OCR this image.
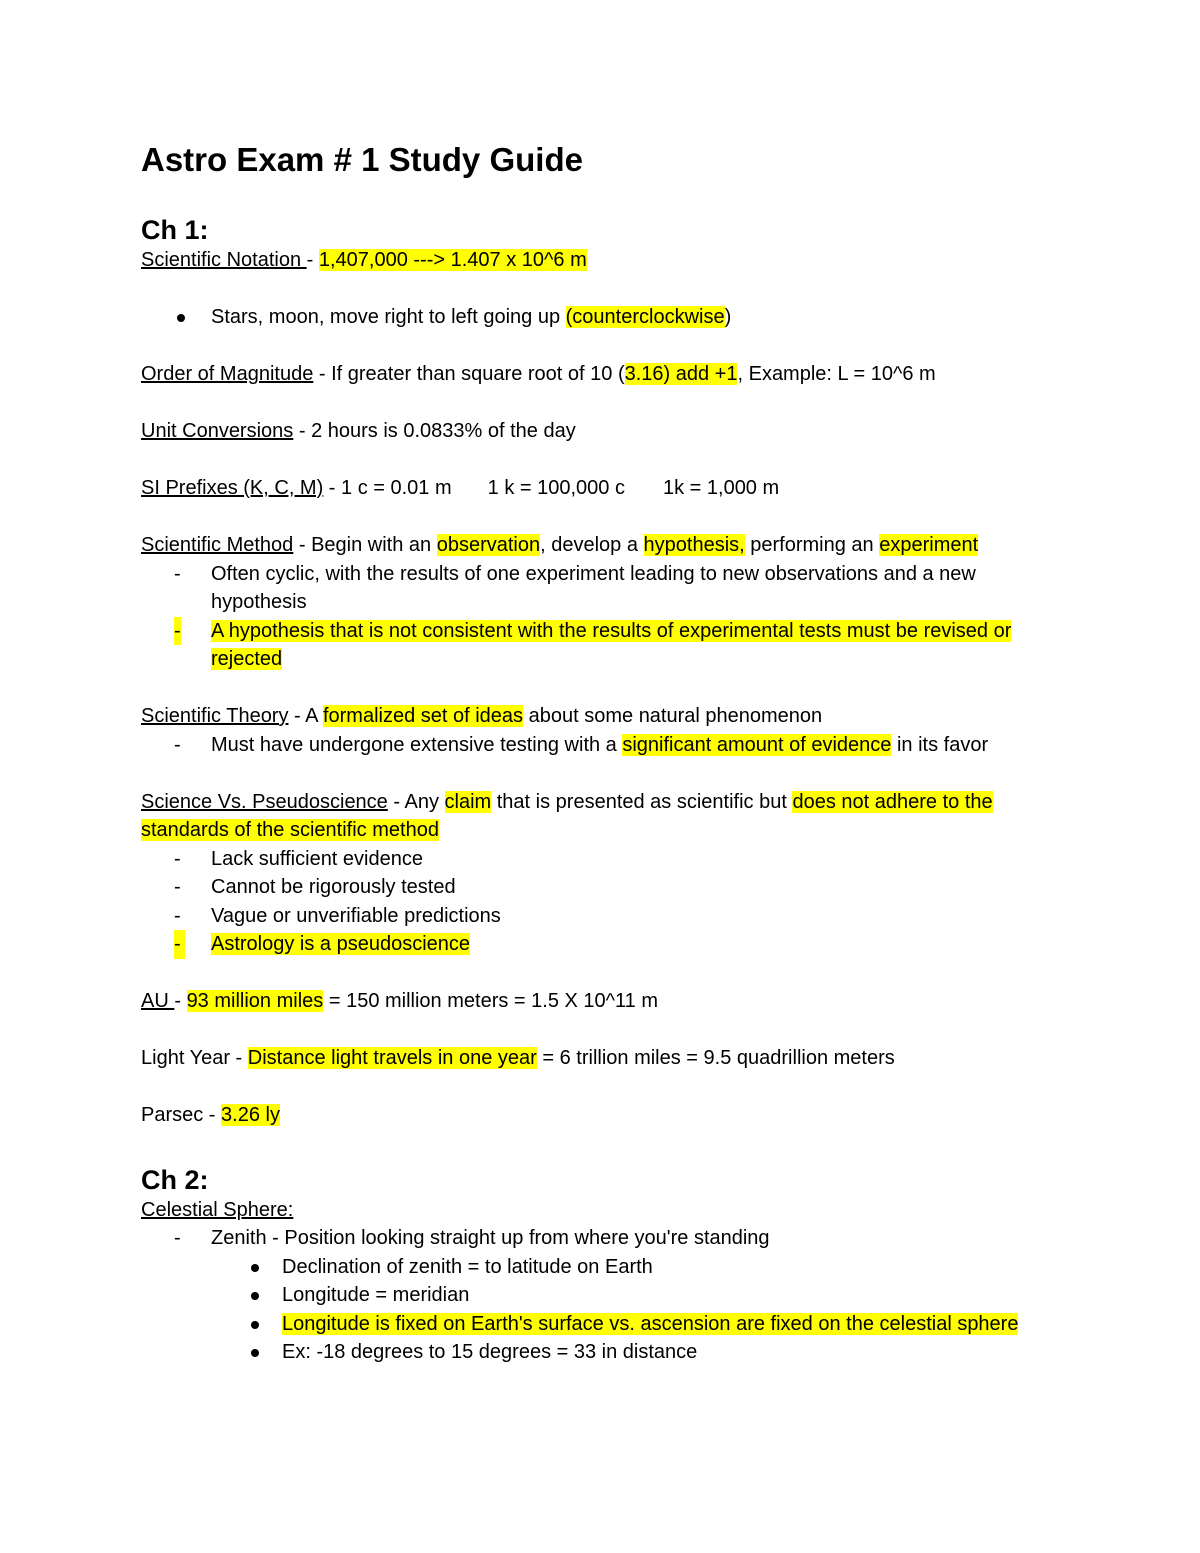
Astro Exam # 1 Study Guide
Ch 1:

Scientific Notation - 1,407,000 ---> 1.407 x 10^6 m

Stars, moon, move right to left going up (counterclockwise)

Order of Magnitude - If greater than square root of 10 (3.16) add +1, Example: L = 10^6 m

Unit Conversions - 2 hours is 0.0833% of the day

SI Prefixes (K, C, M) - 1 c = 0.01 m 1 k = 100,000 c 1k = 1,000 m

Scientific Method - Begin with an observation, develop a hypothesis, performing an experiment

- Often cyclic, with the results of one experiment leading to new observations and a new hypothesis
- A hypothesis that is not consistent with the results of experimental tests must be revised or rejected

Scientific Theory - A formalized set of ideas about some natural phenomenon

- Must have undergone extensive testing with a significant amount of evidence in its favor

Science Vs. Pseudoscience - Any claim that is presented as scientific but does not adhere to the standards of the scientific method

- Lack sufficient evidence
- Cannot be rigorously tested
- Vague or unverifiable predictions
- Astrology is a pseudoscience

AU - 93 million miles = 150 million meters = 1.5 X 10^11 m

Light Year - Distance light travels in one year = 6 trillion miles = 9.5 quadrillion meters

Parsec - 3.26 ly

Ch 2:

Celestial Sphere:

- Zenith - Position looking straight up from where you're standing
Declination of zenith = to latitude on Earth
Longitude = meridian
Longitude is fixed on Earth's surface vs. ascension are fixed on the celestial sphere
Ex: -18 degrees to 15 degrees = 33 in distance
